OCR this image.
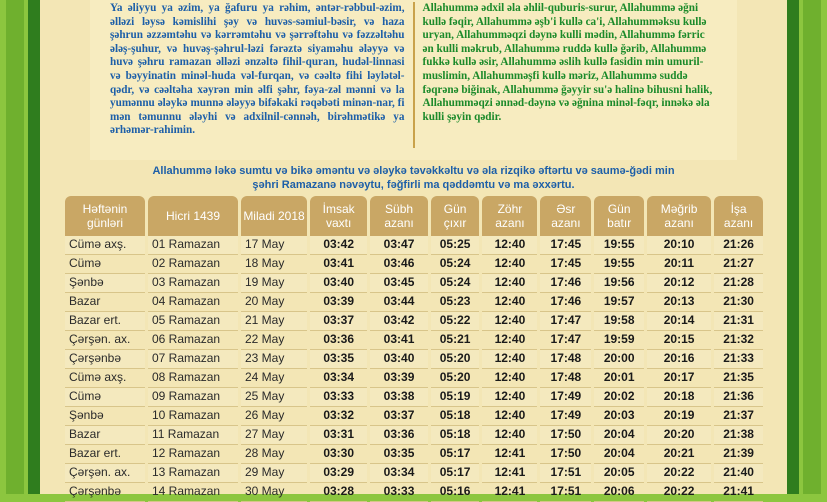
Ya əliyyu ya əzim, ya ğafuru ya rəhim, əntər-rəbbul-əzim, əlləzi ləysə kəmislihi şəy və huvəs-səmiul-bəsir, və haza şəhrun əzzəmtəhu və kərrəmtəhu və şərrəftəhu və fəzzəltəhu ələş-şuhur, və huvəş-şəhrul-ləzi fərəztə siyaməhu ələyyə və huvə şəhru ramazan əlləzi ənzəltə fihil-quran, hudəl-linnasi və bəyyinatin minəl-huda vəl-furqan, və cəəltə fihi ləylətəl-qədr, və cəəltəha xəyrən min əlfi şəhr, fəya-zəl mənni və la yumənnu ələykə munnə ələyyə bifəkaki rəqəbəti minən-nar, fi mən təmunnu ələyhi və adxilnil-cənnəh, birəhmətikə ya ərhəmər-rahimin.
Allahummə ədxil əla əhlil-quburis-surur, Allahummə əğni kullə fəqir, Allahummə əşb'i kullə ca'i, Allahumməksu kullə uryan, Allahumməqzi dəynə kulli mədin, Allahummə fərric ən kulli məkrub, Allahummə ruddə kullə ğərib, Allahummə fukkə kullə əsir, Allahummə əslih kullə fasidin min umuril-muslimin, Allahumməşfi kullə məriz, Allahummə suddə fəqrənə biğinak, Allahummə ğəyyir su'ə halinə bihusni halik, Allahumməqzi ənnəd-dəynə və əğnina minəl-fəqr, innəkə əla kulli şəyin qədir.
Allahummə ləkə sumtu və bikə əməntu və ələykə təvəkkəltu və əla rizqikə əftərtu və saumə-ğədi min şəhri Ramazanə nəvəytu, fəğfirli ma qəddəmtu və ma əxxərtu.
Həftənin günləri	Hicri 1439	Miladi 2018	İmsak vaxtı	Sübh azanı	Gün çıxır	Zöhr azanı	Əsr azanı	Gün batır	Məğrib azanı	İşa azanı
Cümə axş.	01 Ramazan	17 May	03:42	03:47	05:25	12:40	17:45	19:55	20:10	21:26
Cümə	02 Ramazan	18 May	03:41	03:46	05:24	12:40	17:45	19:55	20:11	21:27
Şənbə	03 Ramazan	19 May	03:40	03:45	05:24	12:40	17:46	19:56	20:12	21:28
Bazar	04 Ramazan	20 May	03:39	03:44	05:23	12:40	17:46	19:57	20:13	21:30
Bazar ert.	05 Ramazan	21 May	03:37	03:42	05:22	12:40	17:47	19:58	20:14	21:31
Çərşən. ax.	06 Ramazan	22 May	03:36	03:41	05:21	12:40	17:47	19:59	20:15	21:32
Çərşənbə	07 Ramazan	23 May	03:35	03:40	05:20	12:40	17:48	20:00	20:16	21:33
Cümə axş.	08 Ramazan	24 May	03:34	03:39	05:20	12:40	17:48	20:01	20:17	21:35
Cümə	09 Ramazan	25 May	03:33	03:38	05:19	12:40	17:49	20:02	20:18	21:36
Şənbə	10 Ramazan	26 May	03:32	03:37	05:18	12:40	17:49	20:03	20:19	21:37
Bazar	11 Ramazan	27 May	03:31	03:36	05:18	12:40	17:50	20:04	20:20	21:38
Bazar ert.	12 Ramazan	28 May	03:30	03:35	05:17	12:41	17:50	20:04	20:21	21:39
Çərşən. ax.	13 Ramazan	29 May	03:29	03:34	05:17	12:41	17:51	20:05	20:22	21:40
Çərşənbə	14 Ramazan	30 May	03:28	03:33	05:16	12:41	17:51	20:06	20:22	21:41
